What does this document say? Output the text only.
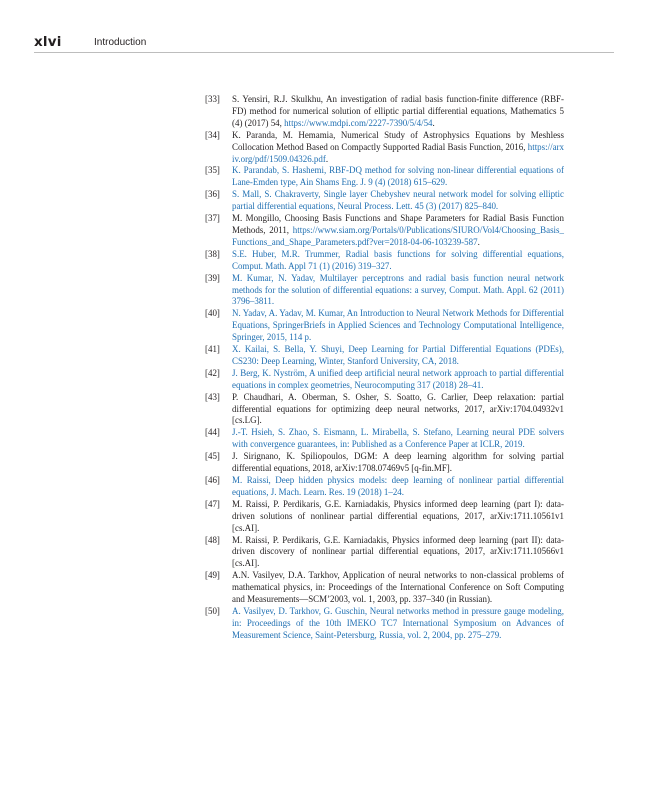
xlvi	Introduction
[33] S. Yensiri, R.J. Skulkhu, An investigation of radial basis function-finite difference (RBF-FD) method for numerical solution of elliptic partial differential equations, Mathematics 5 (4) (2017) 54, https://www.mdpi.com/2227-7390/5/4/54.
[34] K. Paranda, M. Hemamia, Numerical Study of Astrophysics Equations by Meshless Collocation Method Based on Compactly Supported Radial Basis Function, 2016, https://arxiv.org/pdf/1509.04326.pdf.
[35] K. Parandab, S. Hashemi, RBF-DQ method for solving non-linear differential equations of Lane-Emden type, Ain Shams Eng. J. 9 (4) (2018) 615–629.
[36] S. Mall, S. Chakraverty, Single layer Chebyshev neural network model for solving elliptic partial differential equations, Neural Process. Lett. 45 (3) (2017) 825–840.
[37] M. Mongillo, Choosing Basis Functions and Shape Parameters for Radial Basis Function Methods, 2011, https://www.siam.org/Portals/0/Publications/SIURO/Vol4/Choosing_Basis_Functions_and_Shape_Parameters.pdf?ver=2018-04-06-103239-587.
[38] S.E. Huber, M.R. Trummer, Radial basis functions for solving differential equations, Comput. Math. Appl 71 (1) (2016) 319–327.
[39] M. Kumar, N. Yadav, Multilayer perceptrons and radial basis function neural network methods for the solution of differential equations: a survey, Comput. Math. Appl. 62 (2011) 3796–3811.
[40] N. Yadav, A. Yadav, M. Kumar, An Introduction to Neural Network Methods for Differential Equations, SpringerBriefs in Applied Sciences and Technology Computational Intelligence, Springer, 2015, 114 p.
[41] X. Kailai, S. Bella, Y. Shuyi, Deep Learning for Partial Differential Equations (PDEs), CS230: Deep Learning, Winter, Stanford University, CA, 2018.
[42] J. Berg, K. Nyström, A unified deep artificial neural network approach to partial differential equations in complex geometries, Neurocomputing 317 (2018) 28–41.
[43] P. Chaudhari, A. Oberman, S. Osher, S. Soatto, G. Carlier, Deep relaxation: partial differential equations for optimizing deep neural networks, 2017, arXiv:1704.04932v1 [cs.LG].
[44] J.-T. Hsieh, S. Zhao, S. Eismann, L. Mirabella, S. Stefano, Learning neural PDE solvers with convergence guarantees, in: Published as a Conference Paper at ICLR, 2019.
[45] J. Sirignano, K. Spiliopoulos, DGM: A deep learning algorithm for solving partial differential equations, 2018, arXiv:1708.07469v5 [q-fin.MF].
[46] M. Raissi, Deep hidden physics models: deep learning of nonlinear partial differential equations, J. Mach. Learn. Res. 19 (2018) 1–24.
[47] M. Raissi, P. Perdikaris, G.E. Karniadakis, Physics informed deep learning (part I): data-driven solutions of nonlinear partial differential equations, 2017, arXiv:1711.10561v1 [cs.AI].
[48] M. Raissi, P. Perdikaris, G.E. Karniadakis, Physics informed deep learning (part II): data-driven discovery of nonlinear partial differential equations, 2017, arXiv:1711.10566v1 [cs.AI].
[49] A.N. Vasilyev, D.A. Tarkhov, Application of neural networks to non-classical problems of mathematical physics, in: Proceedings of the International Conference on Soft Computing and Measurements—SCM’2003, vol. 1, 2003, pp. 337–340 (in Russian).
[50] A. Vasilyev, D. Tarkhov, G. Guschin, Neural networks method in pressure gauge modeling, in: Proceedings of the 10th IMEKO TC7 International Symposium on Advances of Measurement Science, Saint-Petersburg, Russia, vol. 2, 2004, pp. 275–279.
